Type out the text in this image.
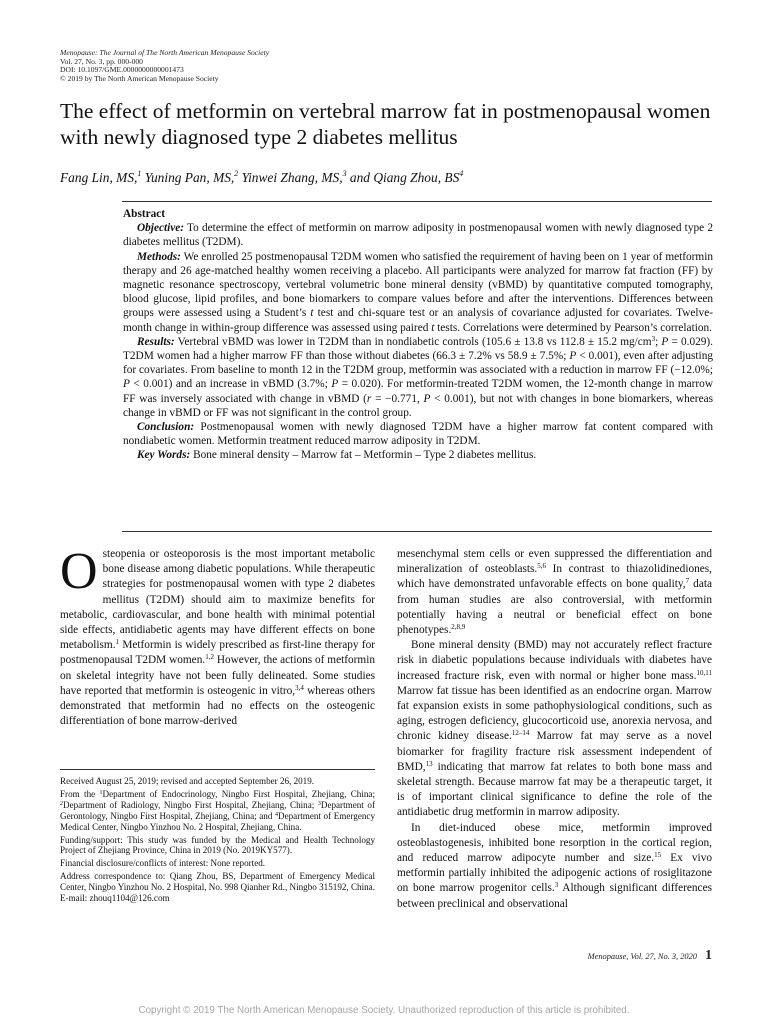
Menopause: The Journal of The North American Menopause Society
Vol. 27, No. 3, pp. 000-000
DOI: 10.1097/GME.0000000000001473
© 2019 by The North American Menopause Society
The effect of metformin on vertebral marrow fat in postmenopausal women with newly diagnosed type 2 diabetes mellitus
Fang Lin, MS,$^1$ Yuning Pan, MS,$^2$ Yinwei Zhang, MS,$^3$ and Qiang Zhou, $BS^4$

Abstract

Objective: To determine the effect of metformin on marrow adiposity in postmenopausal women with newly diagnosed type 2 diabetes mellitus (T2DM).

Methods: We enrolled 25 postmenopausal T2DM women who satisfied the requirement of having been on 1 year of metformin therapy and 26 age-matched healthy women receiving a placebo. All participants were analyzed for marrow fat fraction (FF) by magnetic resonance spectroscopy, vertebral volumetric bone mineral density (vBMD) by quantitative computed tomography, blood glucose, lipid profiles, and bone biomarkers to compare values before and after the interventions. Differences between groups were assessed using a Student’s t test and chi-square test or an analysis of covariance adjusted for covariates. Twelve-month change in within-group difference was assessed using paired t tests. Correlations were determined by Pearson’s correlation.

Results: Vertebral vBMD was lower in T2DM than in nondiabetic controls (105.6 ± 13.8 vs 112.8 ± 15.2 $mg/cm^3$; P = 0.029). T2DM women had a higher marrow FF than those without diabetes (66.3 ± 7.2% vs 58.9 ± 7.5%; P < 0.001), even after adjusting for covariates. From baseline to month 12 in the T2DM group, metformin was associated with a reduction in marrow FF (−12.0%; P < 0.001) and an increase in vBMD (3.7%; P = 0.020). For metformin-treated T2DM women, the 12-month change in marrow FF was inversely associated with change in vBMD (r = −0.771, P < 0.001), but not with changes in bone biomarkers, whereas change in vBMD or FF was not significant in the control group.

Conclusion: Postmenopausal women with newly diagnosed T2DM have a higher marrow fat content compared with nondiabetic women. Metformin treatment reduced marrow adiposity in T2DM.

Key Words: Bone mineral density – Marrow fat – Metformin – Type 2 diabetes mellitus.

Osteopenia or osteoporosis is the most important metabolic bone disease among diabetic populations. While therapeutic strategies for postmenopausal women with type 2 diabetes mellitus (T2DM) should aim to maximize benefits for metabolic, cardiovascular, and bone health with minimal potential side effects, antidiabetic agents may have different effects on bone metabolism.$^1$ Metformin is widely prescribed as first-line therapy for postmenopausal T2DM women.$^{1,2}$ However, the actions of metformin on skeletal integrity have not been fully delineated. Some studies have reported that metformin is osteogenic in vitro,$^{3,4}$ whereas others demonstrated that metformin had no effects on the osteogenic differentiation of bone marrow-derived

Received August 25, 2019; revised and accepted September 26, 2019.

From the $^1$Department of Endocrinology, Ningbo First Hospital, Zhejiang, China; $^2$Department of Radiology, Ningbo First Hospital, Zhejiang, China; $^3$Department of Gerontology, Ningbo First Hospital, Zhejiang, China; and $^4$Department of Emergency Medical Center, Ningbo Yinzhou No. 2 Hospital, Zhejiang, China.

Funding/support: This study was funded by the Medical and Health Technology Project of Zhejiang Province, China in 2019 (No. 2019KY577).

Financial disclosure/conflicts of interest: None reported.

Address correspondence to: Qiang Zhou, BS, Department of Emergency Medical Center, Ningbo Yinzhou No. 2 Hospital, No. 998 Qianher Rd., Ningbo 315192, China. E-mail: zhouq1104@126.com

mesenchymal stem cells or even suppressed the differentiation and mineralization of osteoblasts.$^{5,6}$ In contrast to thiazolidinediones, which have demonstrated unfavorable effects on bone quality,$^7$ data from human studies are also controversial, with metformin potentially having a neutral or beneficial effect on bone phenotypes.$^{2,8,9}$

Bone mineral density (BMD) may not accurately reflect fracture risk in diabetic populations because individuals with diabetes have increased fracture risk, even with normal or higher bone mass.$^{10,11}$ Marrow fat tissue has been identified as an endocrine organ. Marrow fat expansion exists in some pathophysiological conditions, such as aging, estrogen deficiency, glucocorticoid use, anorexia nervosa, and chronic kidney disease.$^{12-14}$ Marrow fat may serve as a novel biomarker for fragility fracture risk assessment independent of BMD,$^{13}$ indicating that marrow fat relates to both bone mass and skeletal strength. Because marrow fat may be a therapeutic target, it is of important clinical significance to define the role of the antidiabetic drug metformin in marrow adiposity.

In diet-induced obese mice, metformin improved osteoblastogenesis, inhibited bone resorption in the cortical region, and reduced marrow adipocyte number and size.$^{15}$ Ex vivo metformin partially inhibited the adipogenic actions of rosiglitazone on bone marrow progenitor cells.$^3$ Although significant differences between preclinical and observational

Menopause, Vol. 27, No. 3, 2020 1
Copyright © 2019 The North American Menopause Society. Unauthorized reproduction of this article is prohibited.
